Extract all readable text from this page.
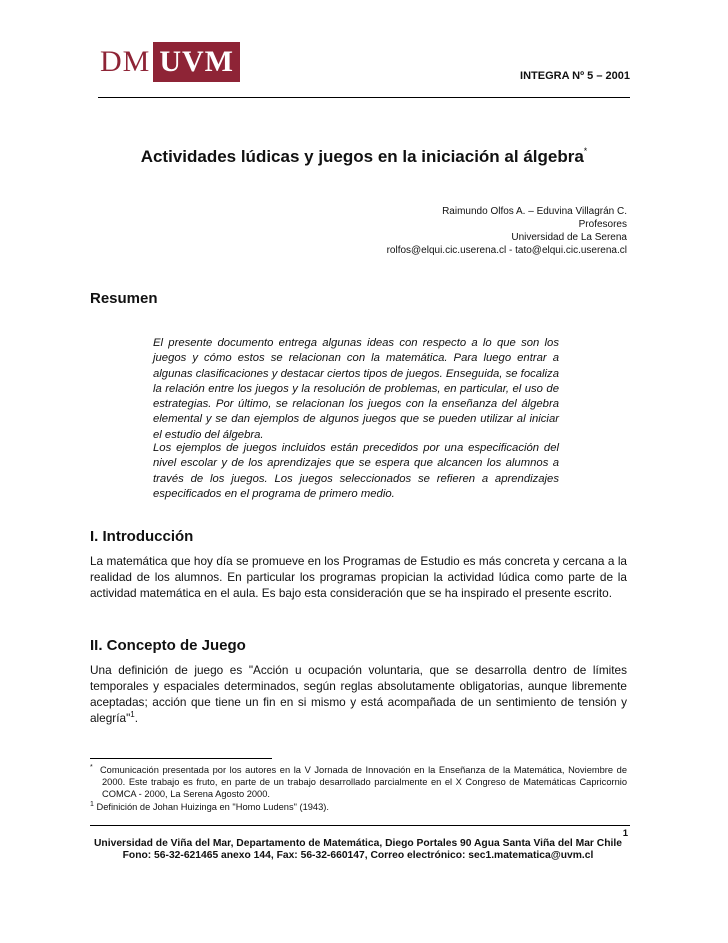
DM UVM	INTEGRA Nº 5 – 2001
Actividades lúdicas y juegos en la iniciación al álgebra*
Raimundo Olfos A. – Eduvina Villagrán C.
Profesores
Universidad de La Serena
rolfos@elqui.cic.userena.cl - tato@elqui.cic.userena.cl
Resumen

El presente documento entrega algunas ideas con respecto a lo que son los juegos y cómo estos se relacionan con la matemática. Para luego entrar a algunas clasificaciones y destacar ciertos tipos de juegos. Enseguida, se focaliza la relación entre los juegos y la resolución de problemas, en particular, el uso de estrategias. Por último, se relacionan los juegos con la enseñanza del álgebra elemental y se dan ejemplos de algunos juegos que se pueden utilizar al iniciar el estudio del álgebra.

Los ejemplos de juegos incluidos están precedidos por una especificación del nivel escolar y de los aprendizajes que se espera que alcancen los alumnos a través de los juegos. Los juegos seleccionados se refieren a aprendizajes especificados en el programa de primero medio.

I. Introducción

La matemática que hoy día se promueve en los Programas de Estudio es más concreta y cercana a la realidad de los alumnos. En particular los programas propician la actividad lúdica como parte de la actividad matemática en el aula. Es bajo esta consideración que se ha inspirado el presente escrito.

II. Concepto de Juego

Una definición de juego es "Acción u ocupación voluntaria, que se desarrolla dentro de límites temporales y espaciales determinados, según reglas absolutamente obligatorias, aunque libremente aceptadas; acción que tiene un fin en si mismo y está acompañada de un sentimiento de tensión y alegría"$^1$.

* Comunicación presentada por los autores en la V Jornada de Innovación en la Enseñanza de la Matemática, Noviembre de 2000. Este trabajo es fruto, en parte de un trabajo desarrollado parcialmente en el X Congreso de Matemáticas Capricornio COMCA - 2000, La Serena Agosto 2000.

$^1$ Definición de Johan Huizinga en "Homo Ludens" (1943).

1
Universidad de Viña del Mar, Departamento de Matemática, Diego Portales 90 Agua Santa Viña del Mar Chile
Fono: 56-32-621465 anexo 144, Fax: 56-32-660147, Correo electrónico: sec1.matematica@uvm.cl
